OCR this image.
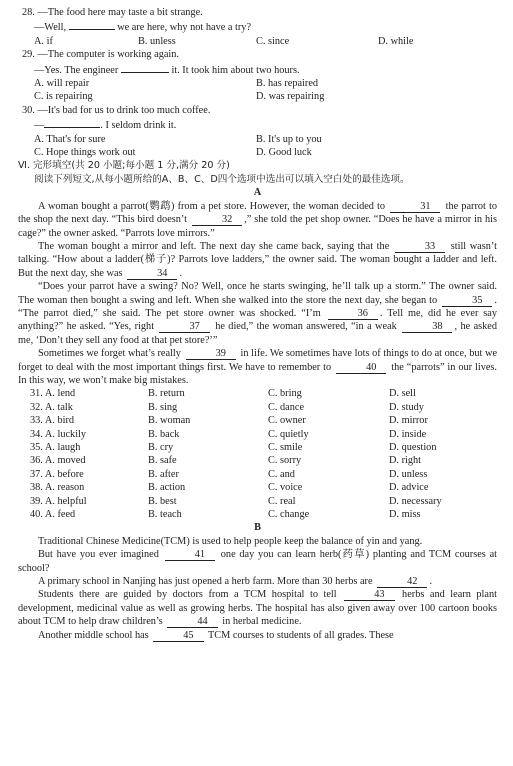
28. —The food here may taste a bit strange.
—Well,	we are here, why not have a try?
A. if	B. unless	C. since	D. while
29. —The computer is working again.
—Yes. The engineer	it. It took him about two hours.
A. will repair	B. has repaired
C. is repairing	D. was repairing
30. —It's bad for us to drink too much coffee.
—	. I seldom drink it.
A. That's for sure	B. It's up to you
C. Hope things work out	D. Good luck
Ⅵ. 完形填空(共 20 小题;每小题 1 分,满分 20 分)
阅读下列短文,从每小题所给的A、B、C、D四个选项中选出可以填入空白处的最佳选项。
A
A woman bought a parrot(鹦鹉) from a pet store. However, the woman decided to	31 the parrot to the shop the next day. “This bird doesn’t	32 ,” she told the pet shop owner. “Does he have a mirror in his cage?” the owner asked. “Parrots love mirrors.”
The woman bought a mirror and left. The next day she came back, saying that the	33 still wasn’t talking. “How about a ladder(梯子)? Parrots love ladders,” the owner said. The woman bought a ladder and left. But the next day, she was	34 .
“Does your parrot have a swing? No? Well, once he starts swinging, he’ll talk up a storm.” The owner said. The woman then bought a swing and left. When she walked into the store the next day, she began to	35 . “The parrot died,” she said. The pet store owner was shocked. “I’m	36 . Tell me, did he ever say anything?” he asked. “Yes, right	37 he died,” the woman answered, “in a weak	38 , he asked me, ‘Don’t they sell any food at that pet store?’”
Sometimes we forget what’s really	39 in life. We sometimes have lots of things to do at once, but we forget to deal with the most important things first. We have to remember to	40 the “parrots” in our lives. In this way, we won’t make big mistakes.
31. A. lend	B. return	C. bring	D. sell
32. A. talk	B. sing	C. dance	D. study
33. A. bird	B. woman	C. owner	D. mirror
34. A. luckily	B. back	C. quietly	D. inside
35. A. laugh	B. cry	C. smile	D. question
36. A. moved	B. safe	C. sorry	D. right
37. A. before	B. after	C. and	D. unless
38. A. reason	B. action	C. voice	D. advice
39. A. helpful	B. best	C. real	D. necessary
40. A. feed	B. teach	C. change	D. miss
B
Traditional Chinese Medicine(TCM) is used to help people keep the balance of yin and yang.
But have you ever imagined	41 one day you can learn herb(药草) planting and TCM courses at school?
A primary school in Nanjing has just opened a herb farm. More than 30 herbs are	42 .
Students there are guided by doctors from a TCM hospital to tell	43 herbs and learn plant development, medicinal value as well as growing herbs. The hospital has also given away over 100 cartoon books about TCM to help draw children’s	44 in herbal medicine.
Another middle school has	45 TCM courses to students of all grades. These
